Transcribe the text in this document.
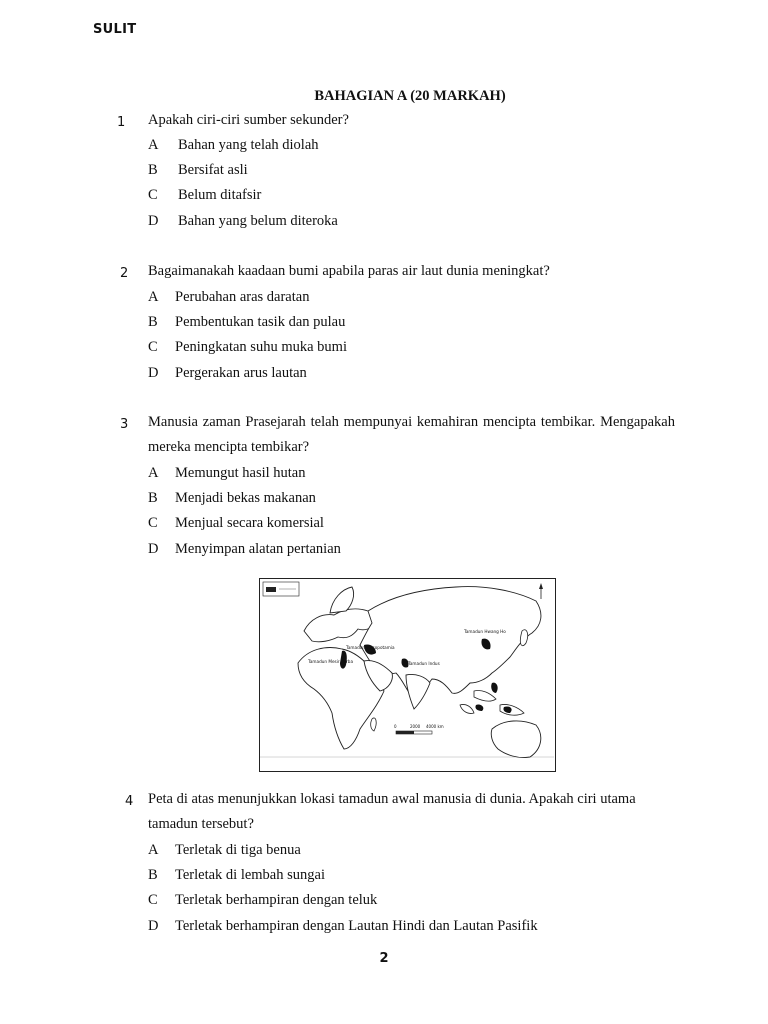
SULIT
BAHAGIAN A (20 MARKAH)
1 Apakah ciri-ciri sumber sekunder?
A Bahan yang telah diolah
B Bersifat asli
C Belum ditafsir
D Bahan yang belum diteroka
2 Bagaimanakah kaadaan bumi apabila paras air laut dunia meningkat?
A Perubahan aras daratan
B Pembentukan tasik dan pulau
C Peningkatan suhu muka bumi
D Pergerakan arus lautan
3 Manusia zaman Prasejarah telah mempunyai kemahiran mencipta tembikar. Mengapakah mereka mencipta tembikar?
A Memungut hasil hutan
B Menjadi bekas makanan
C Menjual secara komersial
D Menyimpan alatan pertanian
Tamadun Mesir Purba
Tamadun Mesopotamia
Tamadun Indus
Tamadun Hwang Ho
0	2000 4000 km
4 Peta di atas menunjukkan lokasi tamadun awal manusia di dunia. Apakah ciri utama tamadun tersebut?
A Terletak di tiga benua
B Terletak di lembah sungai
C Terletak berhampiran dengan teluk
D Terletak berhampiran dengan Lautan Hindi dan Lautan Pasifik
2
